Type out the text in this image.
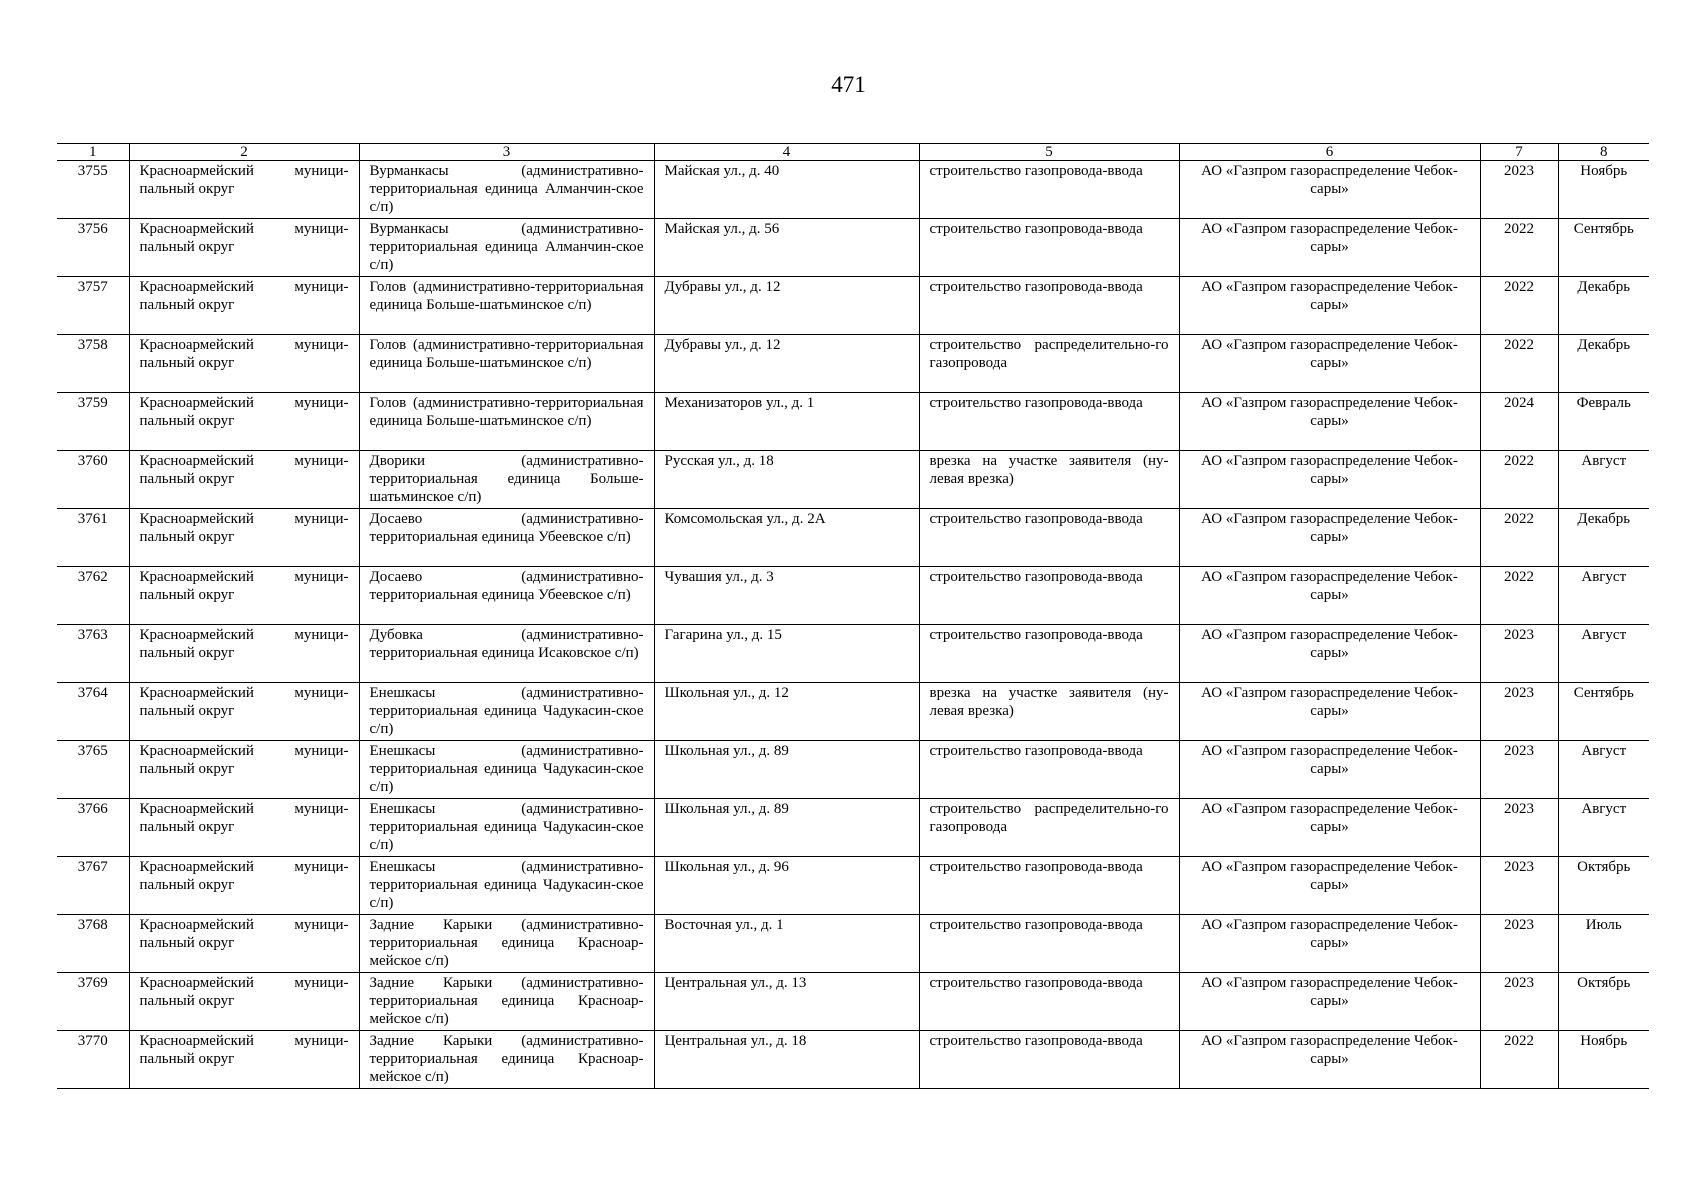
471
1	2	3	4	5	6	7	8
3755	Красноармейский муници-пальный округ	Вурманкасы (административно-территориальная единица Алманчин-ское с/п)	Майская ул., д. 40	строительство газопровода-ввода	АО «Газпром газораспределение Чебок-сары»	2023	Ноябрь
3756	Красноармейский муници-пальный округ	Вурманкасы (административно-территориальная единица Алманчин-ское с/п)	Майская ул., д. 56	строительство газопровода-ввода	АО «Газпром газораспределение Чебок-сары»	2022	Сентябрь
3757	Красноармейский муници-пальный округ	Голов (административно-территориальная единица Больше-шатьминское с/п)	Дубравы ул., д. 12	строительство газопровода-ввода	АО «Газпром газораспределение Чебок-сары»	2022	Декабрь
3758	Красноармейский муници-пальный округ	Голов (административно-территориальная единица Больше-шатьминское с/п)	Дубравы ул., д. 12	строительство распределительно-го газопровода	АО «Газпром газораспределение Чебок-сары»	2022	Декабрь
3759	Красноармейский муници-пальный округ	Голов (административно-территориальная единица Больше-шатьминское с/п)	Механизаторов ул., д. 1	строительство газопровода-ввода	АО «Газпром газораспределение Чебок-сары»	2024	Февраль
3760	Красноармейский муници-пальный округ	Дворики (административно-территориальная единица Больше-шатьминское с/п)	Русская ул., д. 18	врезка на участке заявителя (ну-левая врезка)	АО «Газпром газораспределение Чебок-сары»	2022	Август
3761	Красноармейский муници-пальный округ	Досаево (административно-территориальная единица Убеевское с/п)	Комсомольская ул., д. 2А	строительство газопровода-ввода	АО «Газпром газораспределение Чебок-сары»	2022	Декабрь
3762	Красноармейский муници-пальный округ	Досаево (административно-территориальная единица Убеевское с/п)	Чувашия ул., д. 3	строительство газопровода-ввода	АО «Газпром газораспределение Чебок-сары»	2022	Август
3763	Красноармейский муници-пальный округ	Дубовка (административно-территориальная единица Исаковское с/п)	Гагарина ул., д. 15	строительство газопровода-ввода	АО «Газпром газораспределение Чебок-сары»	2023	Август
3764	Красноармейский муници-пальный округ	Енешкасы (административно-территориальная единица Чадукасин-ское с/п)	Школьная ул., д. 12	врезка на участке заявителя (ну-левая врезка)	АО «Газпром газораспределение Чебок-сары»	2023	Сентябрь
3765	Красноармейский муници-пальный округ	Енешкасы (административно-территориальная единица Чадукасин-ское с/п)	Школьная ул., д. 89	строительство газопровода-ввода	АО «Газпром газораспределение Чебок-сары»	2023	Август
3766	Красноармейский муници-пальный округ	Енешкасы (административно-территориальная единица Чадукасин-ское с/п)	Школьная ул., д. 89	строительство распределительно-го газопровода	АО «Газпром газораспределение Чебок-сары»	2023	Август
3767	Красноармейский муници-пальный округ	Енешкасы (административно-территориальная единица Чадукасин-ское с/п)	Школьная ул., д. 96	строительство газопровода-ввода	АО «Газпром газораспределение Чебок-сары»	2023	Октябрь
3768	Красноармейский муници-пальный округ	Задние Карыки (административно-территориальная единица Красноар-мейское с/п)	Восточная ул., д. 1	строительство газопровода-ввода	АО «Газпром газораспределение Чебок-сары»	2023	Июль
3769	Красноармейский муници-пальный округ	Задние Карыки (административно-территориальная единица Красноар-мейское с/п)	Центральная ул., д. 13	строительство газопровода-ввода	АО «Газпром газораспределение Чебок-сары»	2023	Октябрь
3770	Красноармейский муници-пальный округ	Задние Карыки (административно-территориальная единица Красноар-мейское с/п)	Центральная ул., д. 18	строительство газопровода-ввода	АО «Газпром газораспределение Чебок-сары»	2022	Ноябрь
